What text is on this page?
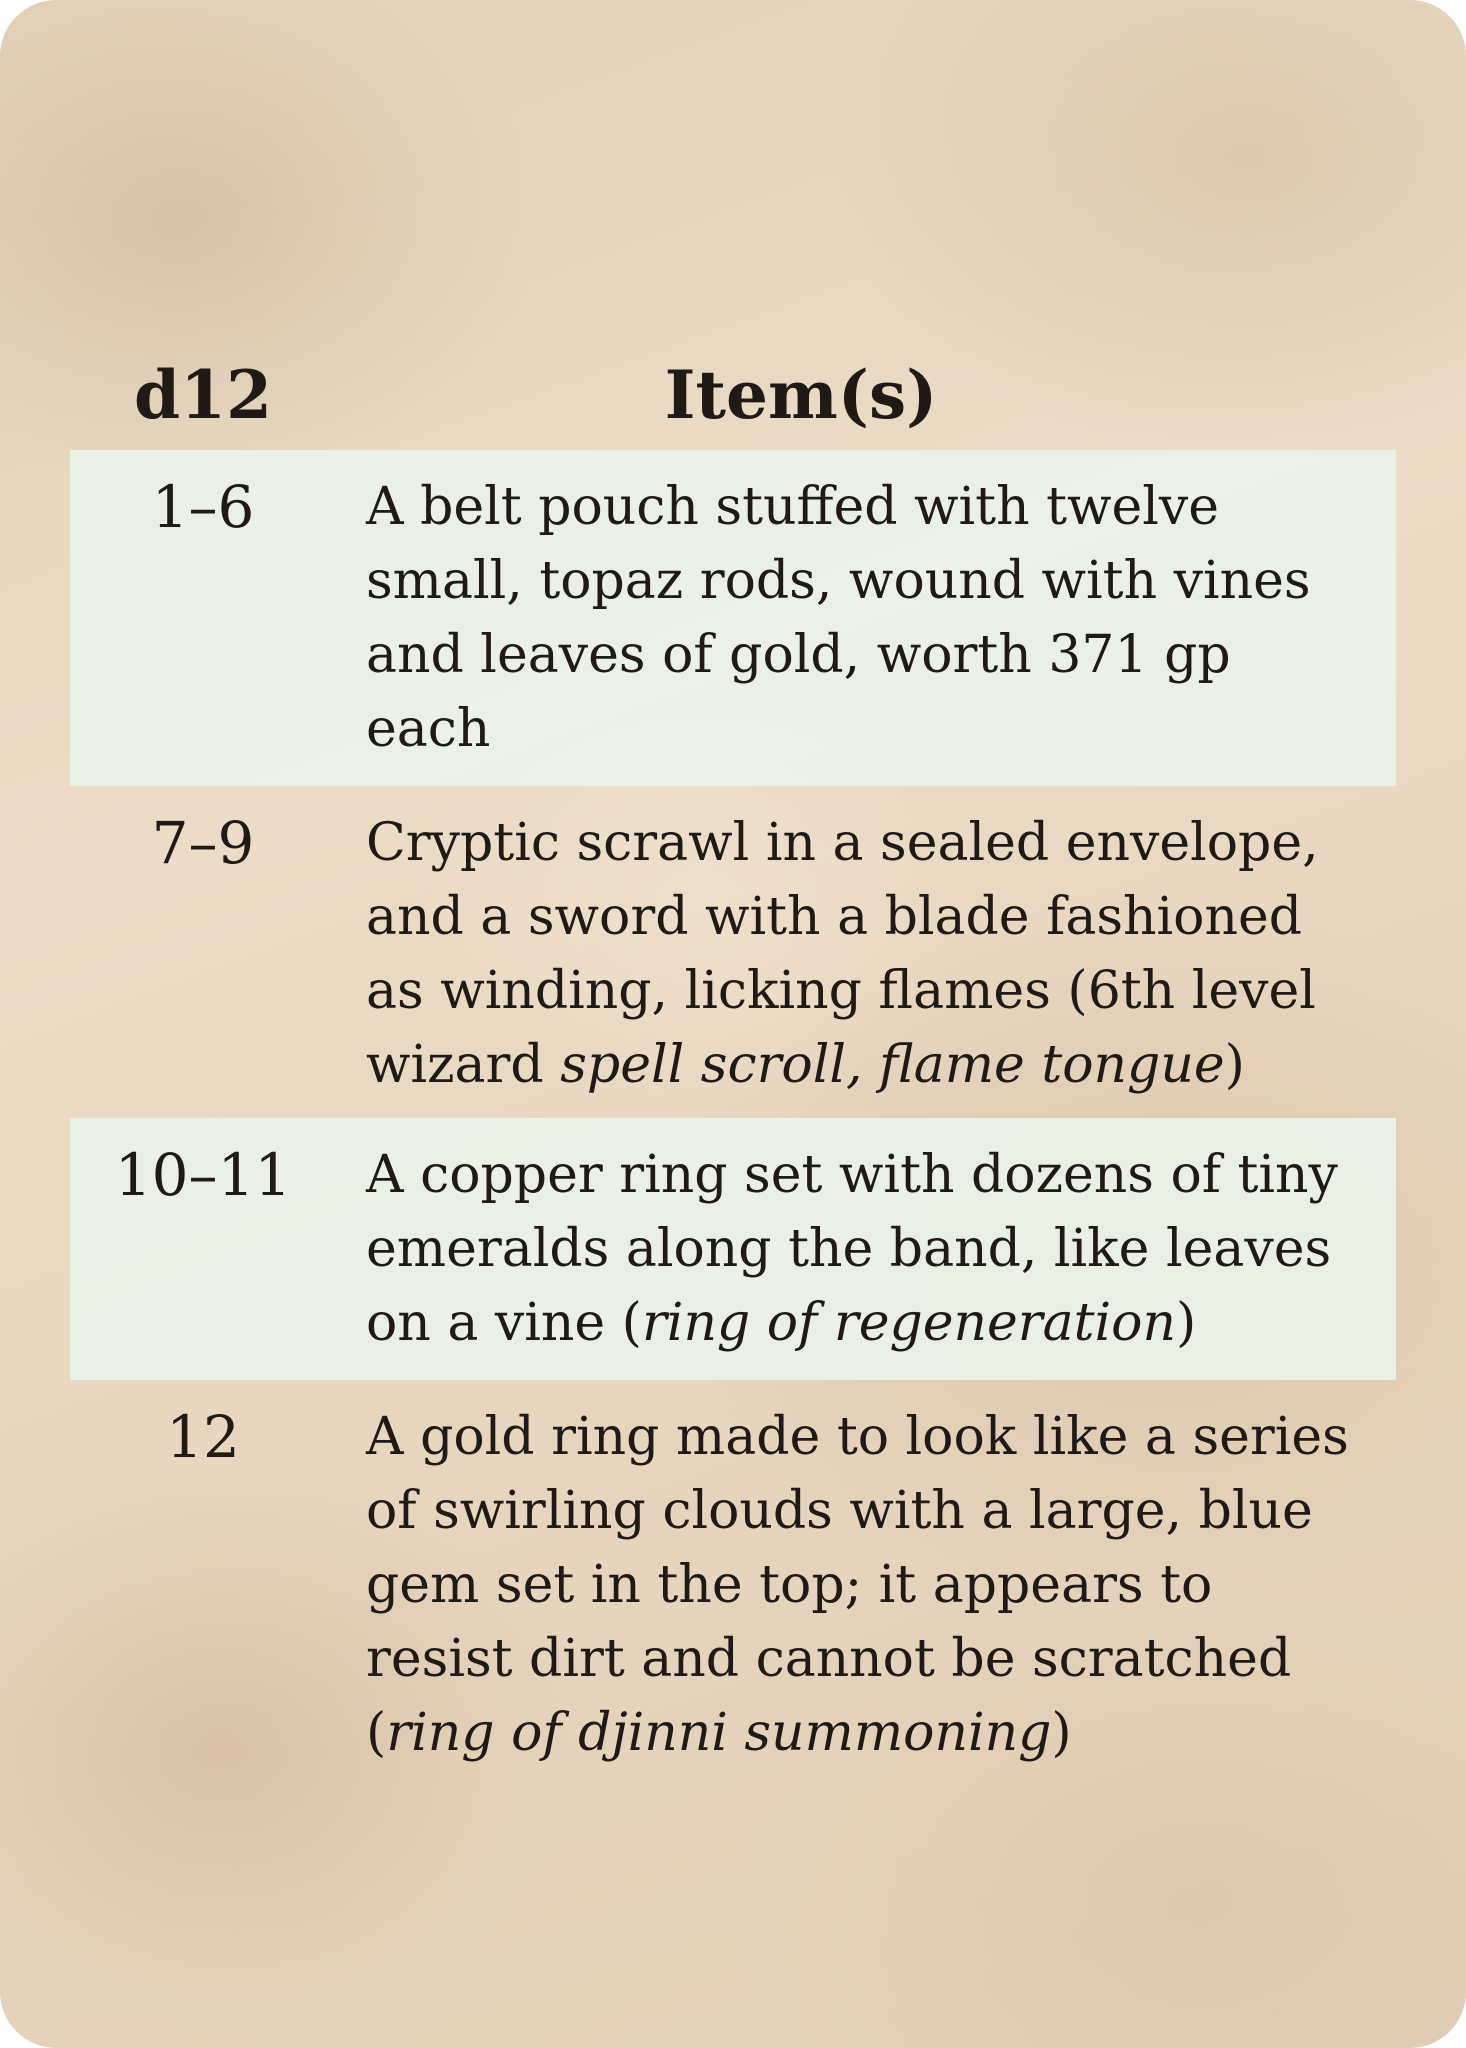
d12	Item(s)
1–6	A belt pouch stuffed with twelve small, topaz rods, wound with vines and leaves of gold, worth 371 gp each
7–9	Cryptic scrawl in a sealed envelope, and a sword with a blade fashioned as winding, licking flames (6th level wizard spell scroll, flame tongue)
10–11	A copper ring set with dozens of tiny emeralds along the band, like leaves on a vine (ring of regeneration)
12	A gold ring made to look like a series of swirling clouds with a large, blue gem set in the top; it appears to resist dirt and cannot be scratched (ring of djinni summoning)
